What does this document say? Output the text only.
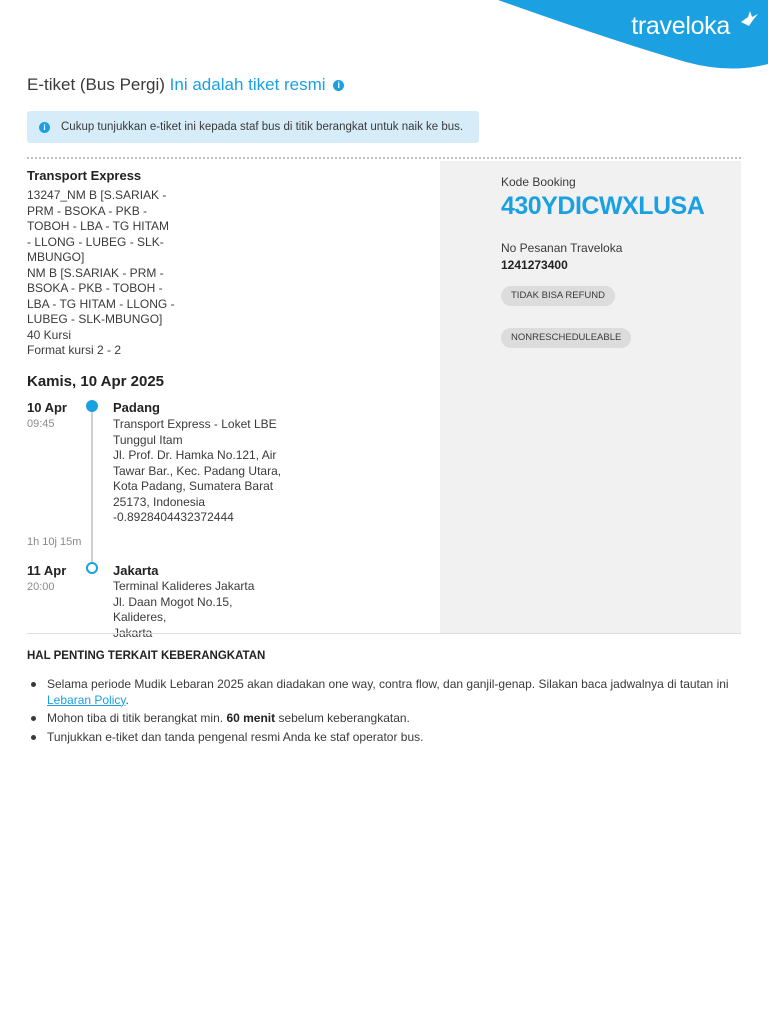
traveloka
E-tiket (Bus Pergi) Ini adalah tiket resmi i
i	Cukup tunjukkan e-tiket ini kepada staf bus di titik berangkat untuk naik ke bus.
Kode Booking
430YDICWXLUSA
No Pesanan Traveloka
1241273400
TIDAK BISA REFUND
NONRESCHEDULEABLE
Transport Express
13247_NM B [S.SARIAK -
PRM - BSOKA - PKB -
TOBOH - LBA - TG HITAM
- LLONG - LUBEG - SLK-
MBUNGO]
NM B [S.SARIAK - PRM -
BSOKA - PKB - TOBOH -
LBA - TG HITAM - LLONG -
LUBEG - SLK-MBUNGO]
40 Kursi
Format kursi 2 - 2
Kamis, 10 Apr 2025
10 Apr
09:45
Padang
Transport Express - Loket LBE
Tunggul Itam
Jl. Prof. Dr. Hamka No.121, Air
Tawar Bar., Kec. Padang Utara,
Kota Padang, Sumatera Barat
25173, Indonesia
-0.8928404432372444
1h 10j 15m
11 Apr
20:00
Jakarta
Terminal Kalideres Jakarta
Jl. Daan Mogot No.15, Kalideres,
Jakarta
HAL PENTING TERKAIT KEBERANGKATAN
Selama periode Mudik Lebaran 2025 akan diadakan one way, contra flow, dan ganjil-genap. Silakan baca jadwalnya di tautan ini Lebaran Policy.
Mohon tiba di titik berangkat min. 60 menit sebelum keberangkatan.
Tunjukkan e-tiket dan tanda pengenal resmi Anda ke staf operator bus.
